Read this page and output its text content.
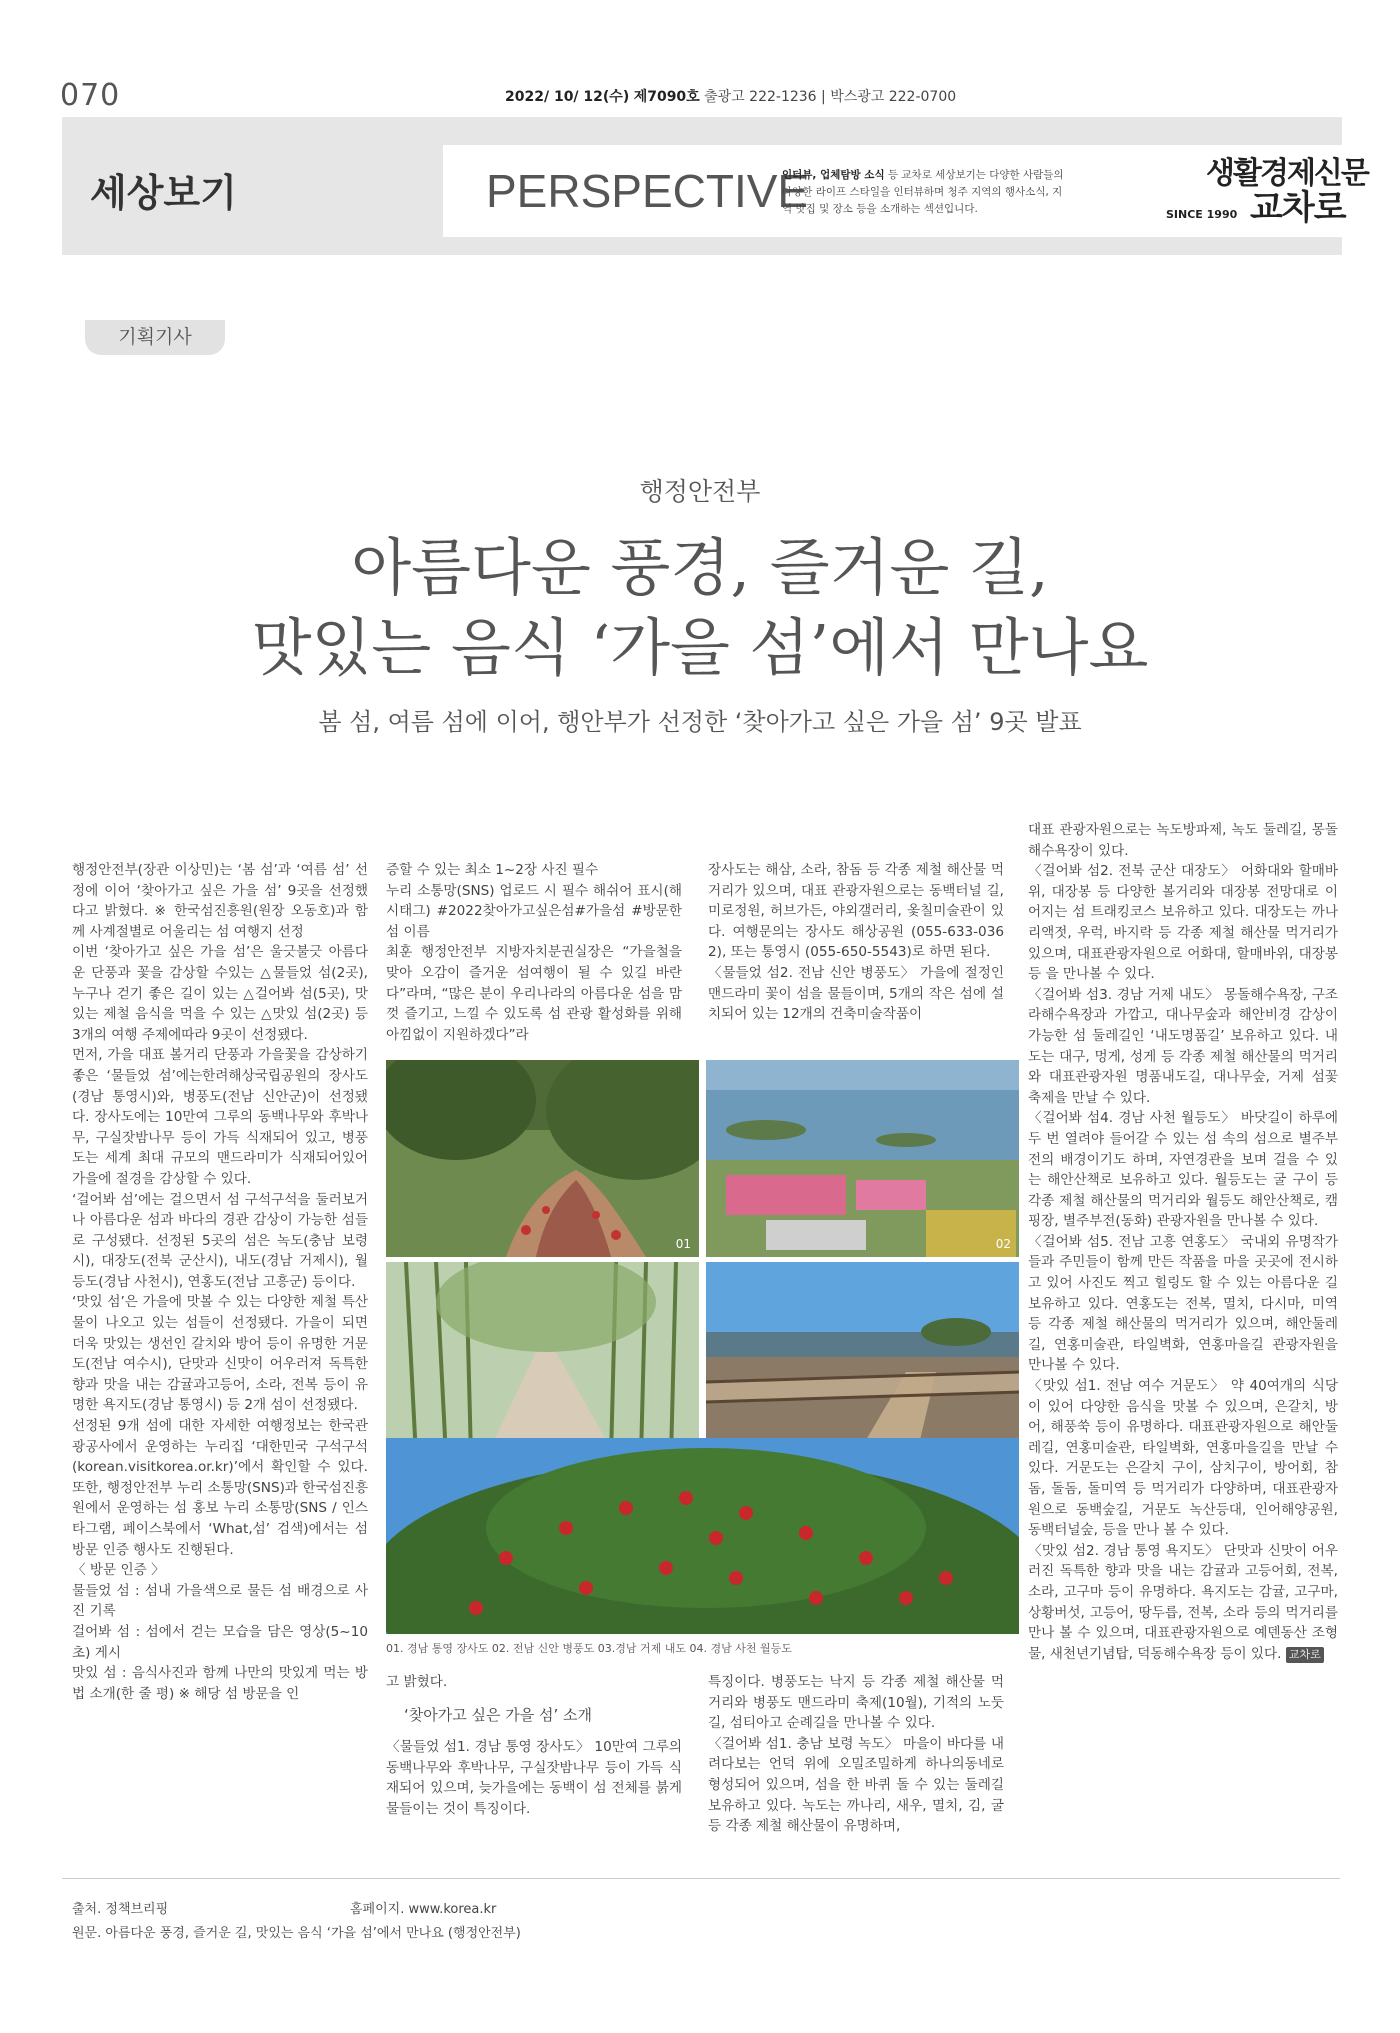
070	2022/ 10/ 12(수) 제7090호 출광고 222-1236 | 박스광고 222-0700
세상보기	PERSPECTIVE
인터뷰, 업체탐방 소식 등 교차로 세상보기는 다양한 사람들의 다양한 라이프 스타일을 인터뷰하며 청주 지역의 행사소식, 지역 맛집 및 장소 등을 소개하는 섹션입니다.
생활경제신문
교차로
SINCE 1990
기획기사
행정안전부
아름다운 풍경, 즐거운 길,
맛있는 음식 ‘가을 섬’에서 만나요
봄 섬, 여름 섬에 이어, 행안부가 선정한 ‘찾아가고 싶은 가을 섬’ 9곳 발표

행정안전부(장관 이상민)는 ‘봄 섬’과 ‘여름 섬’ 선정에 이어 ‘찾아가고 싶은 가을 섬’ 9곳을 선정했다고 밝혔다. ※ 한국섬진흥원(원장 오동호)과 함께 사계절별로 어울리는 섬 여행지 선정

이번 ‘찾아가고 싶은 가을 섬’은 울긋불긋 아름다운 단풍과 꽃을 감상할 수있는 △물들었 섬(2곳), 누구나 걷기 좋은 길이 있는 △걸어봐 섬(5곳), 맛있는 제철 음식을 먹을 수 있는 △맛있 섬(2곳) 등 3개의 여행 주제에따라 9곳이 선정됐다.

먼저, 가을 대표 볼거리 단풍과 가을꽃을 감상하기 좋은 ‘물들었 섬’에는한려해상국립공원의 장사도(경남 통영시)와, 병풍도(전남 신안군)이 선정됐다. 장사도에는 10만여 그루의 동백나무와 후박나무, 구실잣밤나무 등이 가득 식재되어 있고, 병풍도는 세계 최대 규모의 맨드라미가 식재되어있어 가을에 절경을 감상할 수 있다.

‘걸어봐 섬’에는 걸으면서 섬 구석구석을 둘러보거나 아름다운 섬과 바다의 경관 감상이 가능한 섬들로 구성됐다. 선정된 5곳의 섬은 녹도(충남 보령시), 대장도(전북 군산시), 내도(경남 거제시), 월등도(경남 사천시), 연홍도(전남 고흥군) 등이다.

‘맛있 섬’은 가을에 맛볼 수 있는 다양한 제철 특산물이 나오고 있는 섬들이 선정됐다. 가을이 되면 더욱 맛있는 생선인 갈치와 방어 등이 유명한 거문도(전남 여수시), 단맛과 신맛이 어우러져 독특한 향과 맛을 내는 감귤과고등어, 소라, 전복 등이 유명한 욕지도(경남 통영시) 등 2개 섬이 선정됐다.

선정된 9개 섬에 대한 자세한 여행정보는 한국관광공사에서 운영하는 누리집 ‘대한민국 구석구석(korean.visitkorea.or.kr)’에서 확인할 수 있다. 또한, 행정안전부 누리 소통망(SNS)과 한국섬진흥원에서 운영하는 섬 홍보 누리 소통망(SNS / 인스타그램, 페이스북에서 ‘What,섬’ 검색)에서는 섬 방문 인증 행사도 진행된다.

〈 방문 인증 〉

물들었 섬 : 섬내 가을색으로 물든 섬 배경으로 사진 기록

걸어봐 섬 : 섬에서 걷는 모습을 담은 영상(5~10초) 게시

맛있 섬 : 음식사진과 함께 나만의 맛있게 먹는 방법 소개(한 줄 평) ※ 해당 섬 방문을 인

증할 수 있는 최소 1~2장 사진 필수

누리 소통망(SNS) 업로드 시 필수 해쉬어 표시(해시태그) #2022찾아가고싶은섬#가을섬 #방문한 섬 이름

최훈 행정안전부 지방자치분권실장은 “가을철을 맞아 오감이 즐거운 섬여행이 될 수 있길 바란다”라며, “많은 분이 우리나라의 아름다운 섬을 맘껏 즐기고, 느낄 수 있도록 섬 관광 활성화를 위해 아낌없이 지원하겠다”라

장사도는 해삼, 소라, 참돔 등 각종 제철 해산물 먹거리가 있으며, 대표 관광자원으로는 동백터널 길, 미로정원, 허브가든, 야외갤러리, 옻칠미술관이 있다. 여행문의는 장사도 해상공원 (055-633-0362), 또는 통영시 (055-650-5543)로 하면 된다.

〈물들었 섬2. 전남 신안 병풍도〉 가을에 절정인 맨드라미 꽃이 섬을 물들이며, 5개의 작은 섬에 설치되어 있는 12개의 건축미술작품이

01	02
01. 경남 통영 장사도 02. 전남 신안 병풍도 03.경남 거제 내도 04. 경남 사천 월등도

고 밝혔다.

‘찾아가고 싶은 가을 섬’ 소개

〈물들었 섬1. 경남 통영 장사도〉 10만여 그루의 동백나무와 후박나무, 구실잣밤나무 등이 가득 식재되어 있으며, 늦가을에는 동백이 섬 전체를 붉게 물들이는 것이 특징이다.

특징이다. 병풍도는 낙지 등 각종 제철 해산물 먹거리와 병풍도 맨드라미 축제(10월), 기적의 노둣길, 섬티아고 순례길을 만나볼 수 있다.

〈걸어봐 섬1. 충남 보령 녹도〉 마을이 바다를 내려다보는 언덕 위에 오밀조밀하게 하나의동네로 형성되어 있으며, 섬을 한 바퀴 돌 수 있는 둘레길 보유하고 있다. 녹도는 까나리, 새우, 멸치, 김, 굴 등 각종 제철 해산물이 유명하며,

대표 관광자원으로는 녹도방파제, 녹도 둘레길, 몽돌해수욕장이 있다.

〈걸어봐 섬2. 전북 군산 대장도〉 어화대와 할매바위, 대장봉 등 다양한 볼거리와 대장봉 전망대로 이어지는 섬 트래킹코스 보유하고 있다. 대장도는 까나리액젓, 우럭, 바지락 등 각종 제철 해산물 먹거리가 있으며, 대표관광자원으로 어화대, 할매바위, 대장봉 등 을 만나볼 수 있다.

〈걸어봐 섬3. 경남 거제 내도〉 몽돌해수욕장, 구조라해수욕장과 가깝고, 대나무숲과 해안비경 감상이 가능한 섬 둘레길인 ‘내도명품길’ 보유하고 있다. 내도는 대구, 멍게, 성게 등 각종 제철 해산물의 먹거리와 대표관광자원 명품내도길, 대나무숲, 거제 섬꽃 축제을 만날 수 있다.

〈걸어봐 섬4. 경남 사천 월등도〉 바닷길이 하루에 두 번 열려야 들어갈 수 있는 섬 속의 섬으로 별주부전의 배경이기도 하며, 자연경관을 보며 걸을 수 있는 해안산책로 보유하고 있다. 월등도는 굴 구이 등 각종 제철 해산물의 먹거리와 월등도 해안산책로, 캠핑장, 별주부전(동화) 관광자원을 만나볼 수 있다.

〈걸어봐 섬5. 전남 고흥 연홍도〉 국내외 유명작가들과 주민들이 함께 만든 작품을 마을 곳곳에 전시하고 있어 사진도 찍고 힐링도 할 수 있는 아름다운 길 보유하고 있다. 연홍도는 전복, 멸치, 다시마, 미역 등 각종 제철 해산물의 먹거리가 있으며, 해안둘레길, 연홍미술관, 타일벽화, 연홍마을길 관광자원을 만나볼 수 있다.

〈맛있 섬1. 전남 여수 거문도〉 약 40여개의 식당이 있어 다양한 음식을 맛볼 수 있으며, 은갈치, 방어, 해풍쑥 등이 유명하다. 대표관광자원으로 해안둘레길, 연홍미술관, 타일벽화, 연홍마을길을 만날 수 있다. 거문도는 은갈치 구이, 삼치구이, 방어회, 참돔, 돌돔, 돌미역 등 먹거리가 다양하며, 대표관광자원으로 동백숲길, 거문도 녹산등대, 인어해양공원, 동백터널숲, 등을 만나 볼 수 있다.

〈맛있 섬2. 경남 통영 욕지도〉 단맛과 신맛이 어우러진 독특한 향과 맛을 내는 감귤과 고등어회, 전복, 소라, 고구마 등이 유명하다. 욕지도는 감귤, 고구마, 상황버섯, 고등어, 땅두릅, 전복, 소라 등의 먹거리를 만나 볼 수 있으며, 대표관광자원으로 예덴동산 조형물, 새천년기념탑, 덕동해수욕장 등이 있다. 교차로

출처. 정책브리핑	홈페이지. www.korea.kr
원문. 아름다운 풍경, 즐거운 길, 맛있는 음식 ‘가을 섬’에서 만나요 (행정안전부)
